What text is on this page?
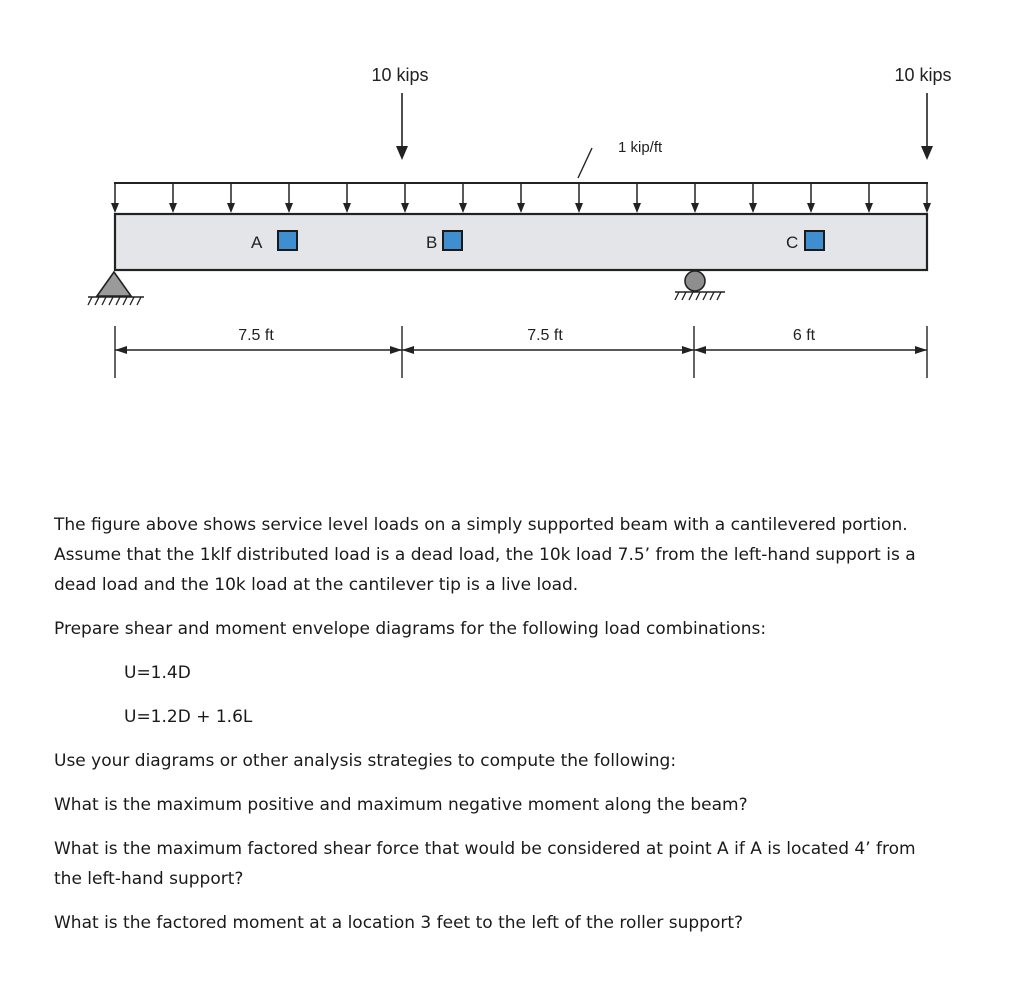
10 kips	10 kips
1 kip/ft
A	B	C
7.5 ft	7.5 ft	6 ft

The figure above shows service level loads on a simply supported beam with a cantilevered portion.

Assume that the 1klf distributed load is a dead load, the 10k load 7.5’ from the left-hand support is a

dead load and the 10k load at the cantilever tip is a live load.

Prepare shear and moment envelope diagrams for the following load combinations:

U=1.4D

U=1.2D + 1.6L

Use your diagrams or other analysis strategies to compute the following:

What is the maximum positive and maximum negative moment along the beam?

What is the maximum factored shear force that would be considered at point A if A is located 4’ from

the left-hand support?

What is the factored moment at a location 3 feet to the left of the roller support?
